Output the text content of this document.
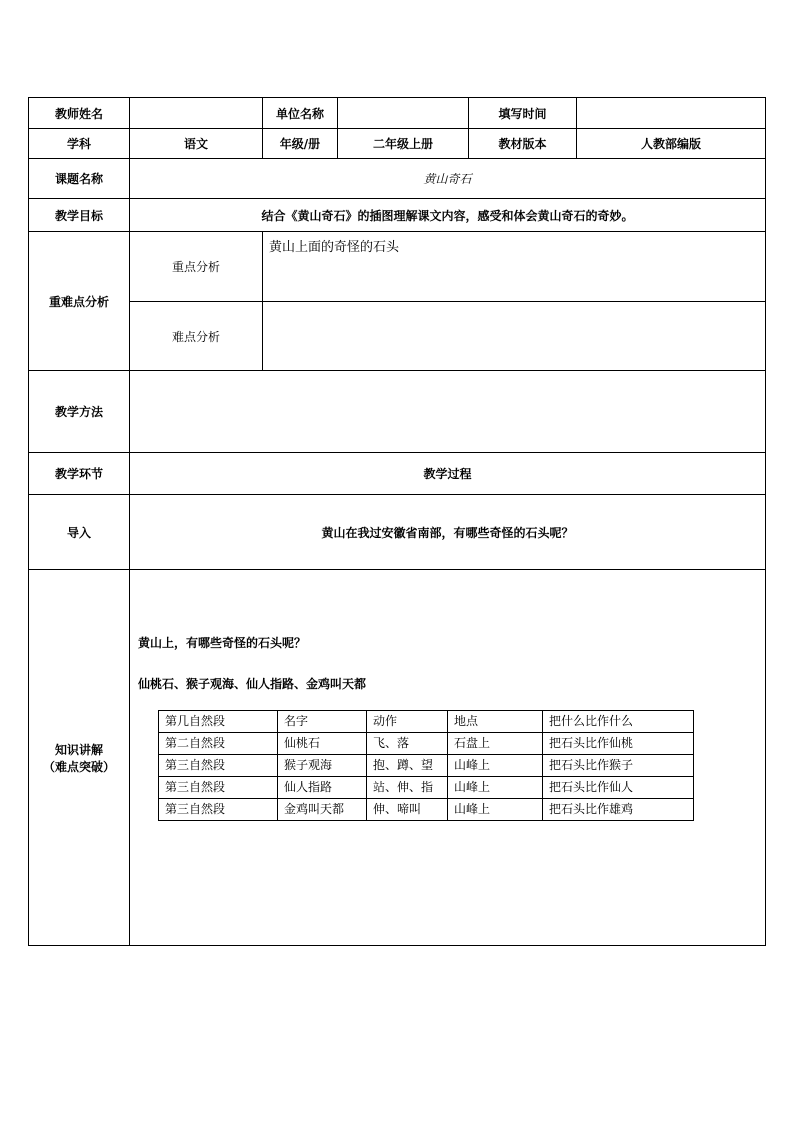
教师姓名		单位名称		填写时间	
学科	语文	年级/册	二年级上册	教材版本	人教部编版
课题名称	黄山奇石
教学目标	结合《黄山奇石》的插图理解课文内容，感受和体会黄山奇石的奇妙。
重难点分析	重点分析	黄山上面的奇怪的石头
难点分析	
教学方法	
教学环节	教学过程
导入	黄山在我过安徽省南部，有哪些奇怪的石头呢？

知识讲解
（难点突破）

黄山上，有哪些奇怪的石头呢？

仙桃石、猴子观海、仙人指路、金鸡叫天都

第几自然段	名字	动作	地点	把什么比作什么
第二自然段	仙桃石	飞、落	石盘上	把石头比作仙桃
第三自然段	猴子观海	抱、蹲、望	山峰上	把石头比作猴子
第三自然段	仙人指路	站、伸、指	山峰上	把石头比作仙人
第三自然段	金鸡叫天都	伸、啼叫	山峰上	把石头比作雄鸡
